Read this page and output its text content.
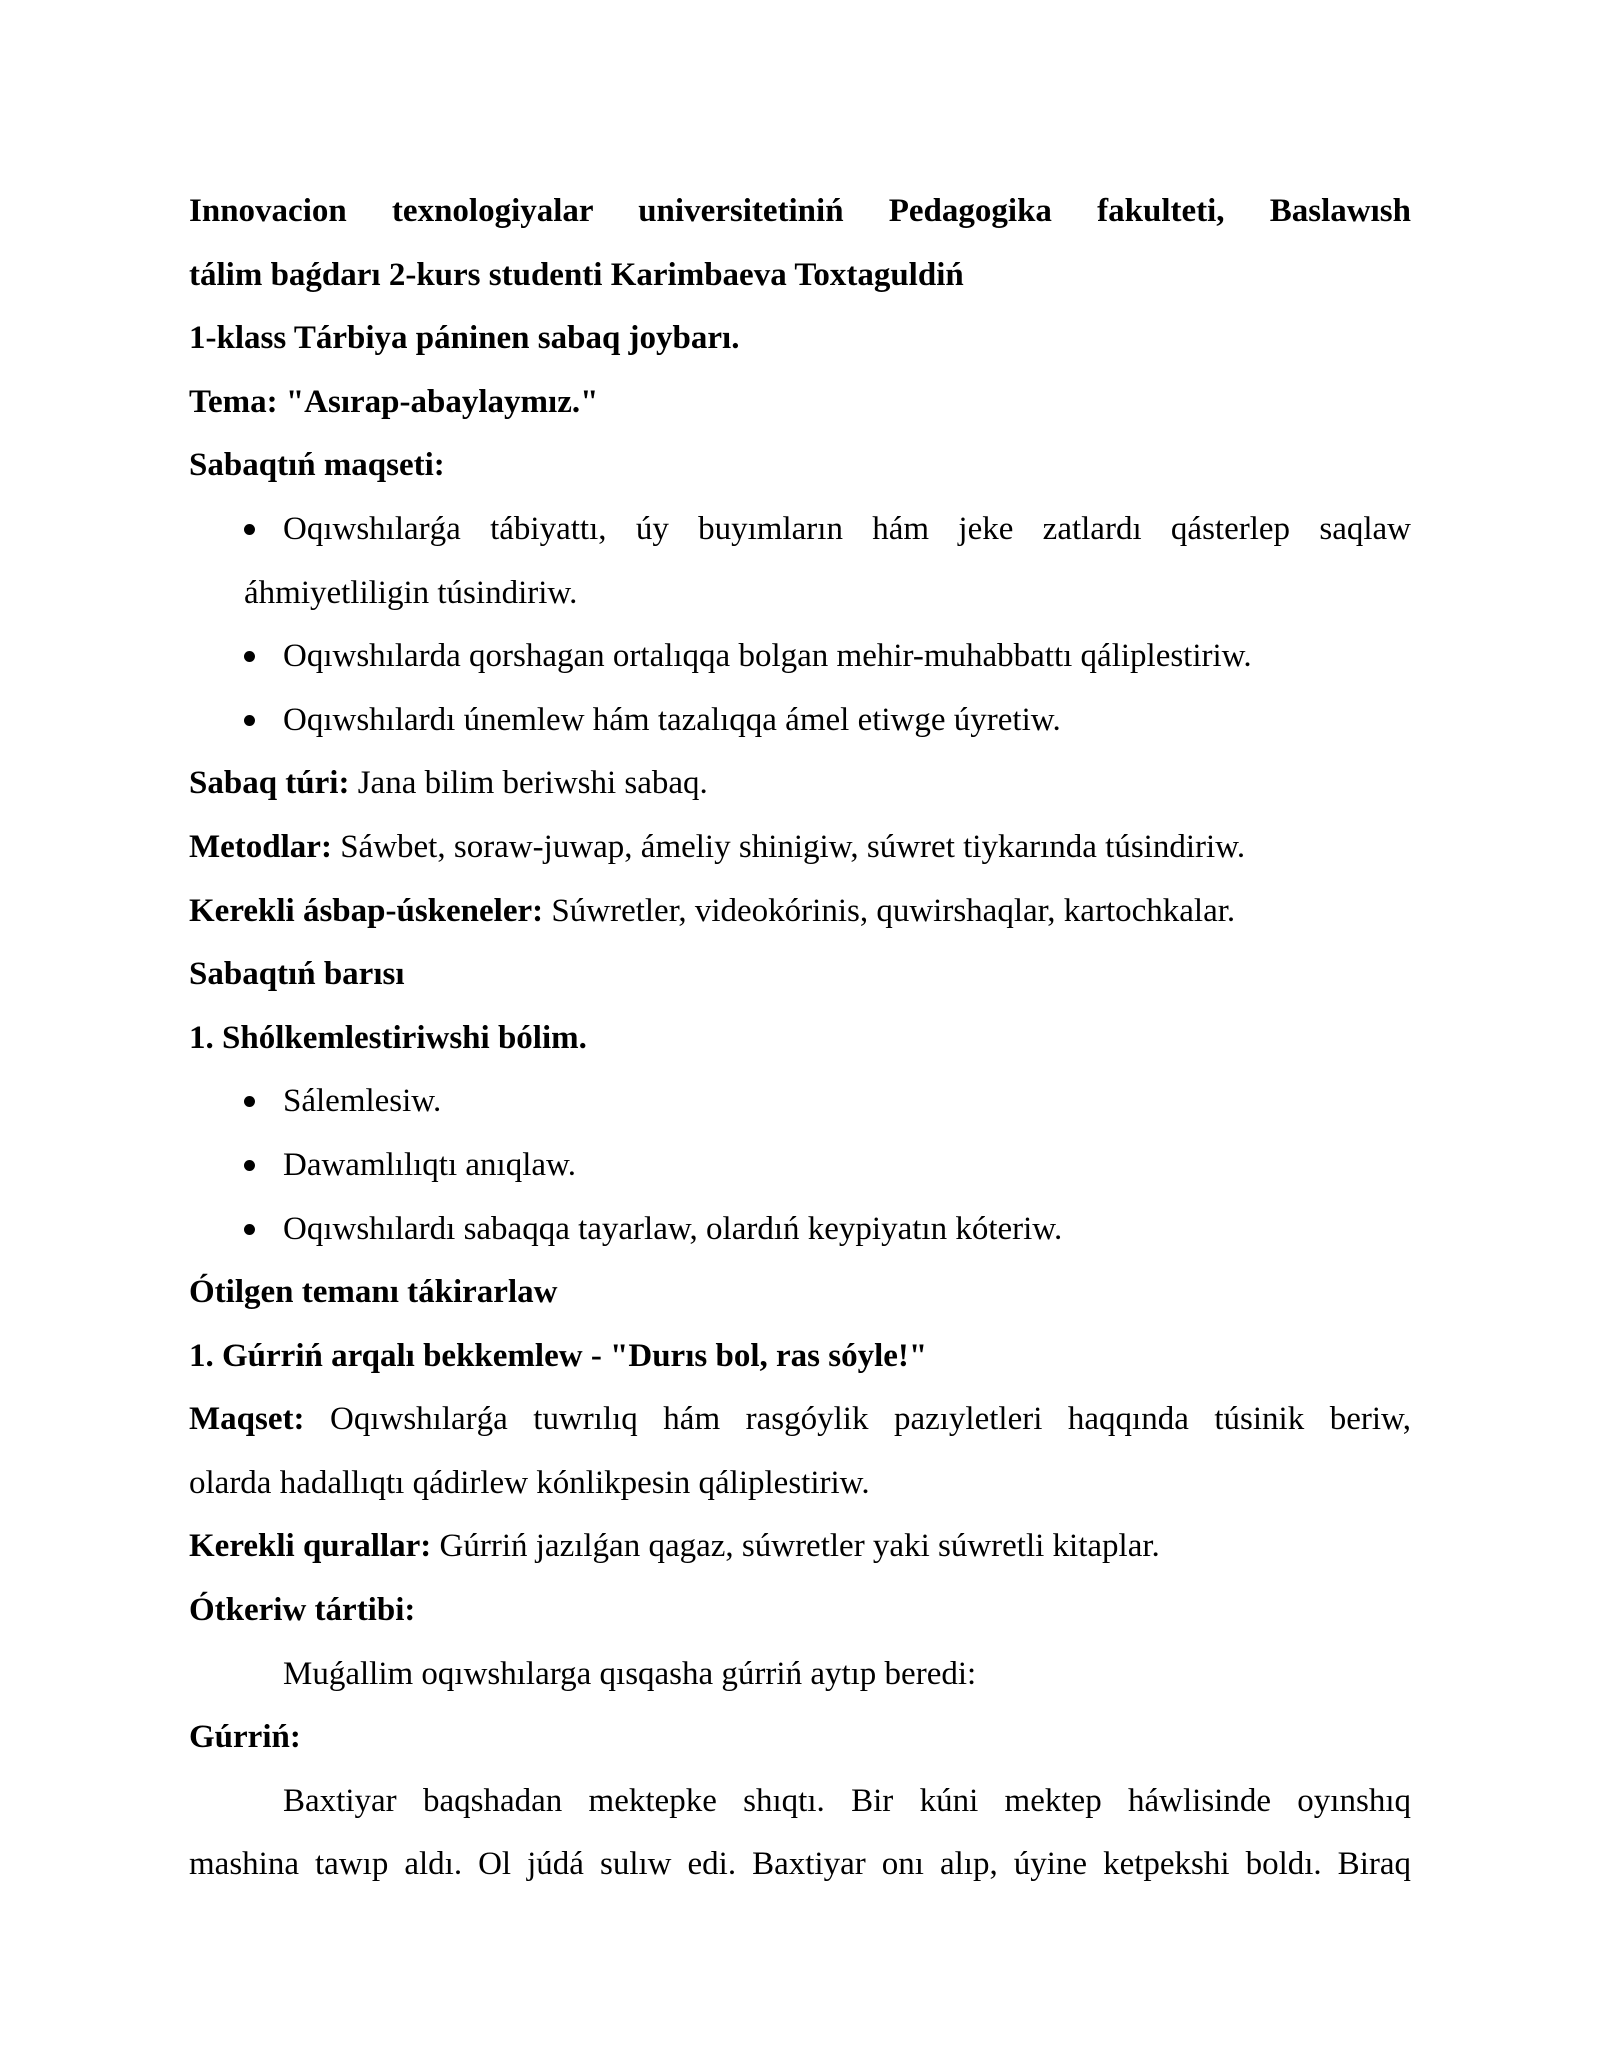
Innovacion texnologiyalar universitetiniń Pedagogika fakulteti, Baslawısh
tálim baǵdarı 2-kurs studenti Karimbaeva Toxtaguldiń
1-klass Tárbiya páninen sabaq joybarı.
Tema: "Asırap-abaylaymız."
Sabaqtıń maqseti:
Oqıwshılarǵa tábiyattı, úy buyımların hám jeke zatlardı qásterlep saqlaw
áhmiyetliligin túsindiriw.
Oqıwshılarda qorshagan ortalıqqa bolgan mehir-muhabbattı qáliplestiriw.
Oqıwshılardı únemlew hám tazalıqqa ámel etiwge úyretiw.
Sabaq túri: Jana bilim beriwshi sabaq.
Metodlar: Sáwbet, soraw-juwap, ámeliy shinigiw, súwret tiykarında túsindiriw.
Kerekli ásbap-úskeneler: Súwretler, videokórinis, quwirshaqlar, kartochkalar.
Sabaqtıń barısı
1. Shólkemlestiriwshi bólim.
Sálemlesiw.
Dawamlılıqtı anıqlaw.
Oqıwshılardı sabaqqa tayarlaw, olardıń keypiyatın kóteriw.
Ótilgen temanı tákirarlaw
1. Gúrriń arqalı bekkemlew - "Durıs bol, ras sóyle!"
Maqset: Oqıwshılarǵa tuwrılıq hám rasgóylik pazıyletleri haqqında túsinik beriw,
olarda hadallıqtı qádirlew kónlikpesin qáliplestiriw.
Kerekli qurallar: Gúrriń jazılǵan qagaz, súwretler yaki súwretli kitaplar.
Ótkeriw tártibi:
Muǵallim oqıwshılarga qısqasha gúrriń aytıp beredi:
Gúrriń:
Baxtiyar baqshadan mektepke shıqtı. Bir kúni mektep háwlisinde oyınshıq
mashina tawıp aldı. Ol júdá sulıw edi. Baxtiyar onı alıp, úyine ketpekshi boldı. Biraq
